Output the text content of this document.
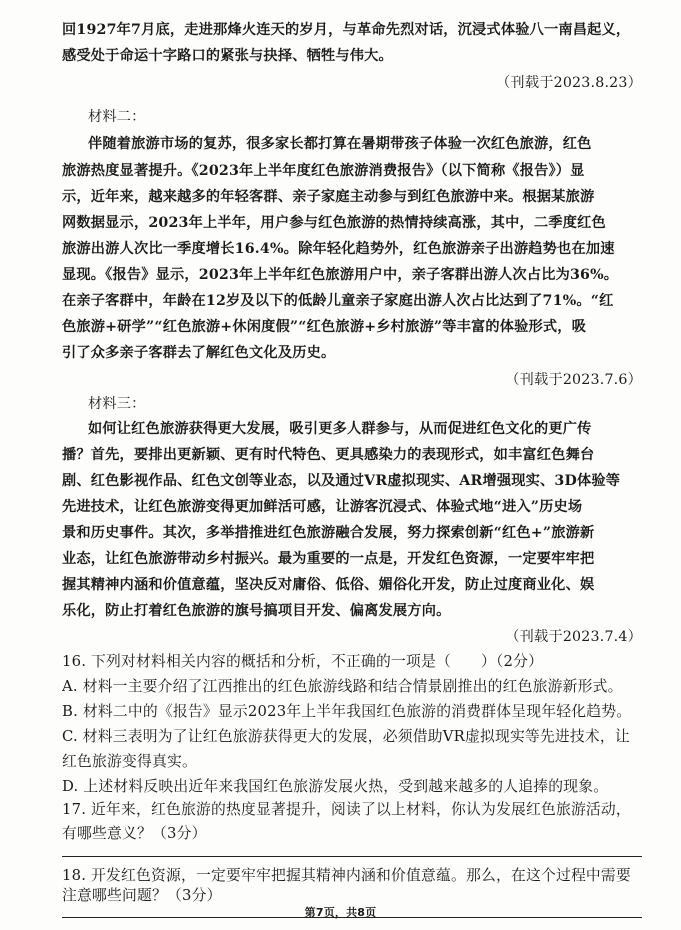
回1927年7月底，走进那烽火连天的岁月，与革命先烈对话，沉浸式体验八一南昌起义，
感受处于命运十字路口的紧张与抉择、牺牲与伟大。
（刊载于2023.8.23）
材料二：
伴随着旅游市场的复苏，很多家长都打算在暑期带孩子体验一次红色旅游，红色
旅游热度显著提升。《2023年上半年度红色旅游消费报告》（以下简称《报告》）显
示，近年来，越来越多的年轻客群、亲子家庭主动参与到红色旅游中来。根据某旅游
网数据显示，2023年上半年，用户参与红色旅游的热情持续高涨，其中，二季度红色
旅游出游人次比一季度增长16.4%。除年轻化趋势外，红色旅游亲子出游趋势也在加速
显现。《报告》显示，2023年上半年红色旅游用户中，亲子客群出游人次占比为36%。
在亲子客群中，年龄在12岁及以下的低龄儿童亲子家庭出游人次占比达到了71%。“红
色旅游+研学”“红色旅游+休闲度假”“红色旅游+乡村旅游”等丰富的体验形式，吸
引了众多亲子客群去了解红色文化及历史。
（刊载于2023.7.6）
材料三：
如何让红色旅游获得更大发展，吸引更多人群参与，从而促进红色文化的更广传
播？首先，要排出更新颖、更有时代特色、更具感染力的表现形式，如丰富红色舞台
剧、红色影视作品、红色文创等业态，以及通过VR虚拟现实、AR增强现实、3D体验等
先进技术，让红色旅游变得更加鲜活可感，让游客沉浸式、体验式地“进入”历史场
景和历史事件。其次，多举措推进红色旅游融合发展，努力探索创新“红色+”旅游新
业态，让红色旅游带动乡村振兴。最为重要的一点是，开发红色资源，一定要牢牢把
握其精神内涵和价值意蕴，坚决反对庸俗、低俗、媚俗化开发，防止过度商业化、娱
乐化，防止打着红色旅游的旗号搞项目开发、偏离发展方向。
（刊载于2023.7.4）
16. 下列对材料相关内容的概括和分析，不正确的一项是（　　）（2分）
A. 材料一主要介绍了江西推出的红色旅游线路和结合情景剧推出的红色旅游新形式。
B. 材料二中的《报告》显示2023年上半年我国红色旅游的消费群体呈现年轻化趋势。
C. 材料三表明为了让红色旅游获得更大的发展，必须借助VR虚拟现实等先进技术，让
红色旅游变得真实。
D. 上述材料反映出近年来我国红色旅游发展火热，受到越来越多的人追捧的现象。
17. 近年来，红色旅游的热度显著提升，阅读了以上材料，你认为发展红色旅游活动，
有哪些意义？（3分）
18. 开发红色资源，一定要牢牢把握其精神内涵和价值意蕴。那么，在这个过程中需要
注意哪些问题？（3分）
第7页，共8页
